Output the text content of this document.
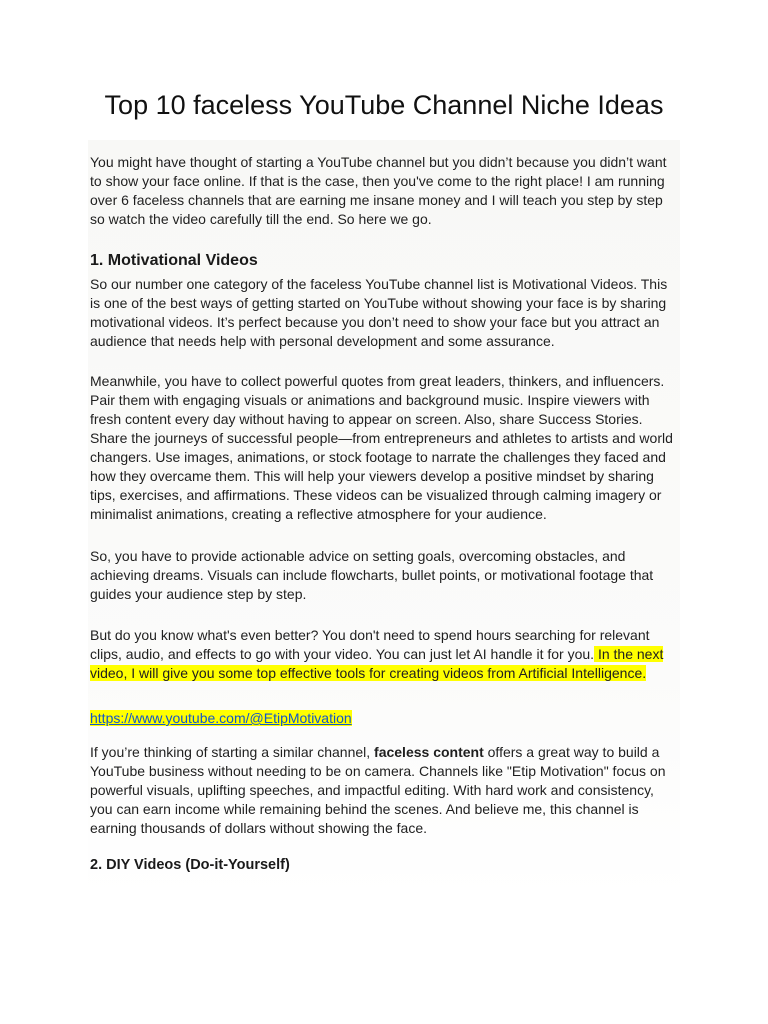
Top 10 faceless YouTube Channel Niche Ideas

You might have thought of starting a YouTube channel but you didn’t because you didn’t want to show your face online. If that is the case, then you've come to the right place! I am running over 6 faceless channels that are earning me insane money and I will teach you step by step so watch the video carefully till the end. So here we go.

1. Motivational Videos

So our number one category of the faceless YouTube channel list is Motivational Videos. This is one of the best ways of getting started on YouTube without showing your face is by sharing motivational videos. It’s perfect because you don’t need to show your face but you attract an audience that needs help with personal development and some assurance.

Meanwhile, you have to collect powerful quotes from great leaders, thinkers, and influencers. Pair them with engaging visuals or animations and background music. Inspire viewers with fresh content every day without having to appear on screen. Also, share Success Stories. Share the journeys of successful people—from entrepreneurs and athletes to artists and world changers. Use images, animations, or stock footage to narrate the challenges they faced and how they overcame them. This will help your viewers develop a positive mindset by sharing tips, exercises, and affirmations. These videos can be visualized through calming imagery or minimalist animations, creating a reflective atmosphere for your audience.

So, you have to provide actionable advice on setting goals, overcoming obstacles, and achieving dreams. Visuals can include flowcharts, bullet points, or motivational footage that guides your audience step by step.

But do you know what's even better? You don't need to spend hours searching for relevant clips, audio, and effects to go with your video. You can just let AI handle it for you. In the next video, I will give you some top effective tools for creating videos from Artificial Intelligence.

https://www.youtube.com/@EtipMotivation

If you’re thinking of starting a similar channel, faceless content offers a great way to build a YouTube business without needing to be on camera. Channels like "Etip Motivation" focus on powerful visuals, uplifting speeches, and impactful editing. With hard work and consistency, you can earn income while remaining behind the scenes. And believe me, this channel is earning thousands of dollars without showing the face.

2. DIY Videos (Do-it-Yourself)
